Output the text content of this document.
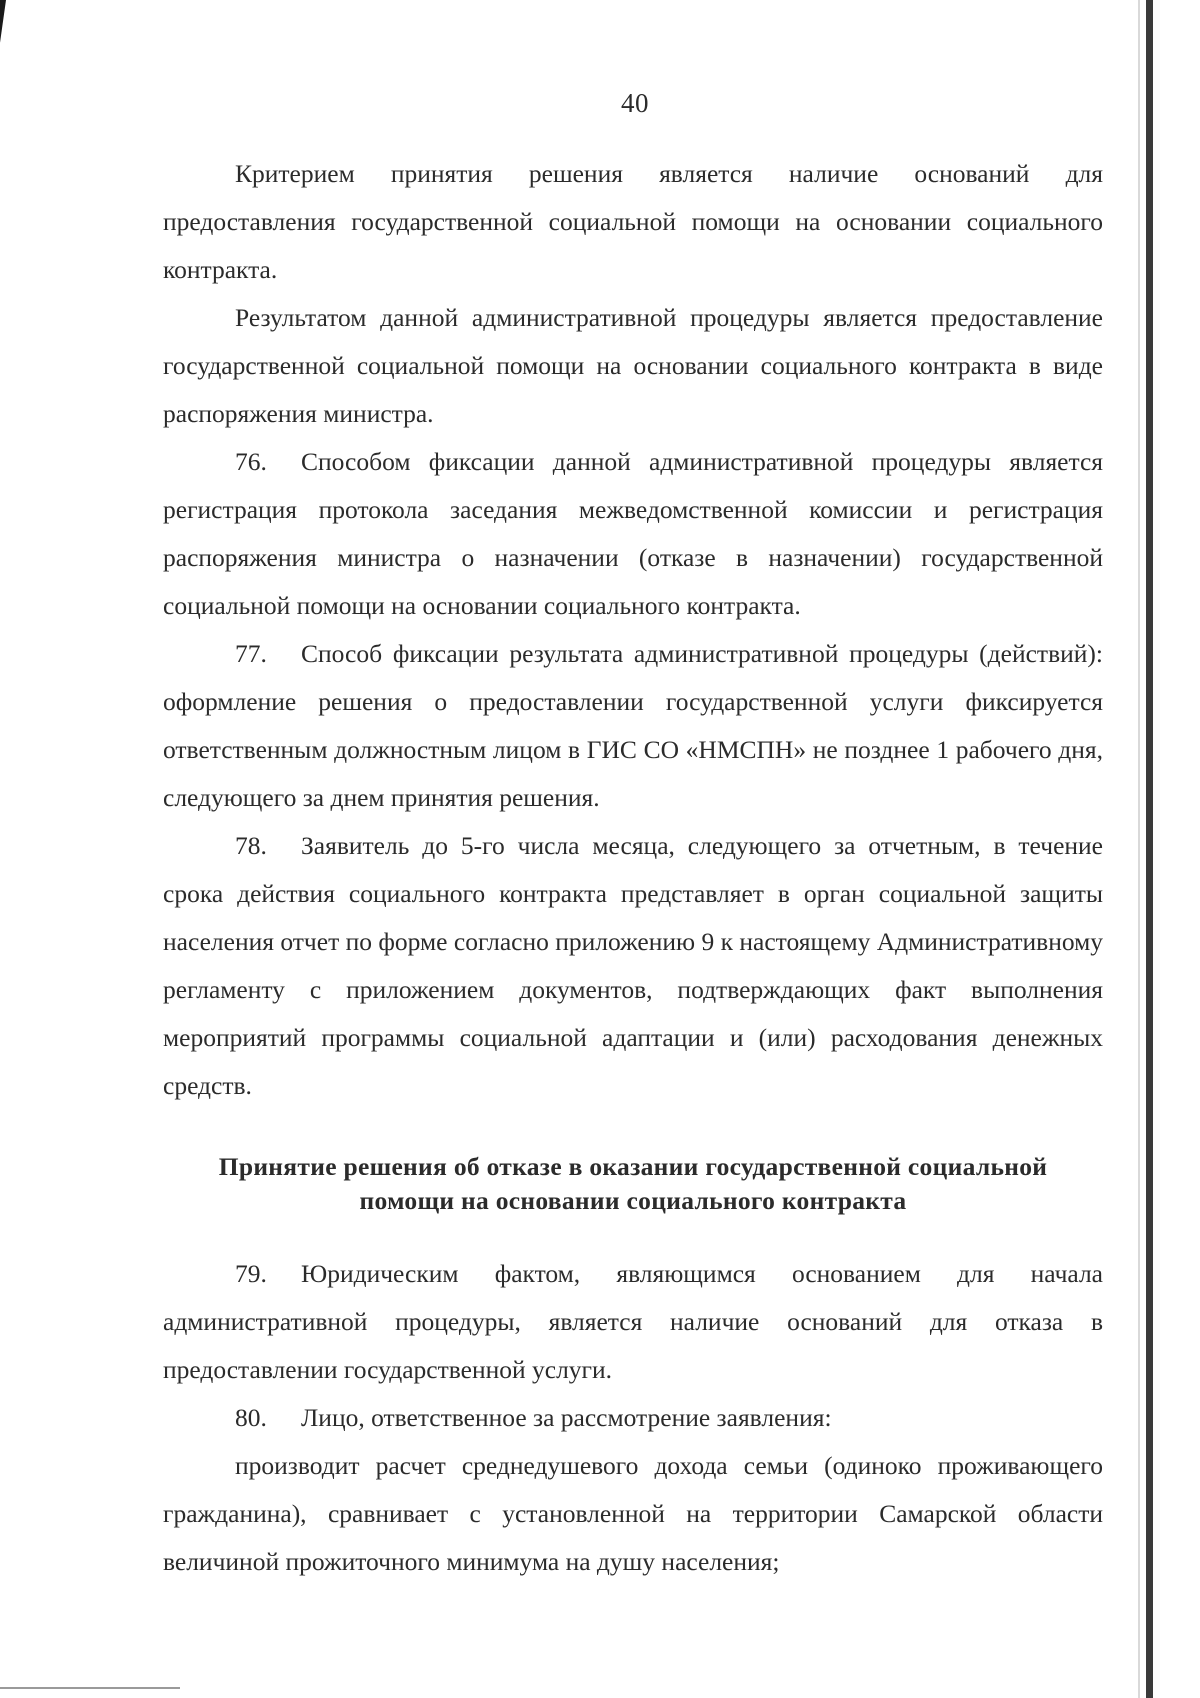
40

Критерием принятия решения является наличие оснований для предоставления государственной социальной помощи на основании социального контракта.

Результатом данной административной процедуры является предоставление государственной социальной помощи на основании социального контракта в виде распоряжения министра.

76. Способом фиксации данной административной процедуры является регистрация протокола заседания межведомственной комиссии и регистрация распоряжения министра о назначении (отказе в назначении) государственной социальной помощи на основании социального контракта.

77. Способ фиксации результата административной процедуры (действий): оформление решения о предоставлении государственной услуги фиксируется ответственным должностным лицом в ГИС СО «НМСПН» не позднее 1 рабочего дня, следующего за днем принятия решения.

78. Заявитель до 5-го числа месяца, следующего за отчетным, в течение срока действия социального контракта представляет в орган социальной защиты населения отчет по форме согласно приложению 9 к настоящему Административному регламенту с приложением документов, подтверждающих факт выполнения мероприятий программы социальной адаптации и (или) расходования денежных средств.

Принятие решения об отказе в оказании государственной социальной
помощи на основании социального контракта

79. Юридическим фактом, являющимся основанием для начала административной процедуры, является наличие оснований для отказа в предоставлении государственной услуги.

80. Лицо, ответственное за рассмотрение заявления:

производит расчет среднедушевого дохода семьи (одиноко проживающего гражданина), сравнивает с установленной на территории Самарской области величиной прожиточного минимума на душу населения;
